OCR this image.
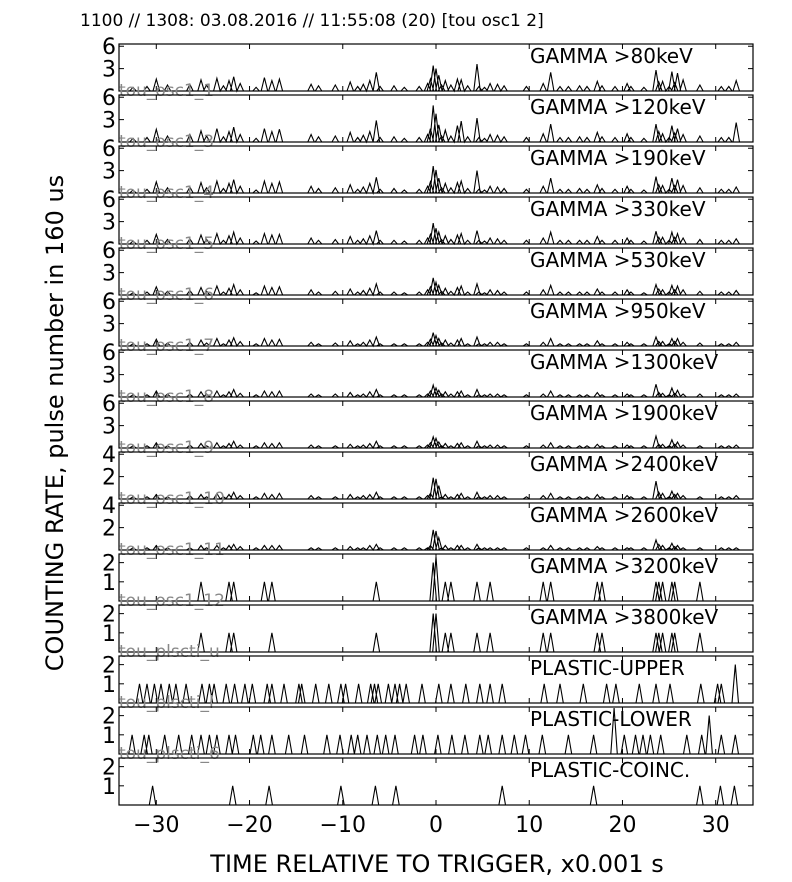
1100 // 1308: 03.08.2016 // 11:55:08 (20) [tou osc1 2]
COUNTING RATE, pulse number in 160 us
TIME RELATIVE TO TRIGGER, x0.001 s
3
6	GAMMA >80keV
tou_osc1_1
3
6	GAMMA >120keV
tou_osc1_3
3
6	GAMMA >190keV
tou_osc1_4
3
6	GAMMA >330keV
tou_osc1_5
3
6	GAMMA >530keV
tou_osc1_6
3
6	GAMMA >950keV
tou_osc1_7
3
6	GAMMA >1300keV
tou_osc1_8
3
6	GAMMA >1900keV
tou_osc1_9
2
4	GAMMA >2400keV
tou_osc1_10
2
4	GAMMA >2600keV
tou_osc1_11
1
2	GAMMA >3200keV
tou_osc1_12
1
2	GAMMA >3800keV
tou_plscti_u
1
2	PLASTIC-UPPER
tou_plscti_l
1
2	PLASTIC-LOWER
tou_plscti_6
1
2	PLASTIC-COINC.
−30 −20 −10	0	10	20	30
